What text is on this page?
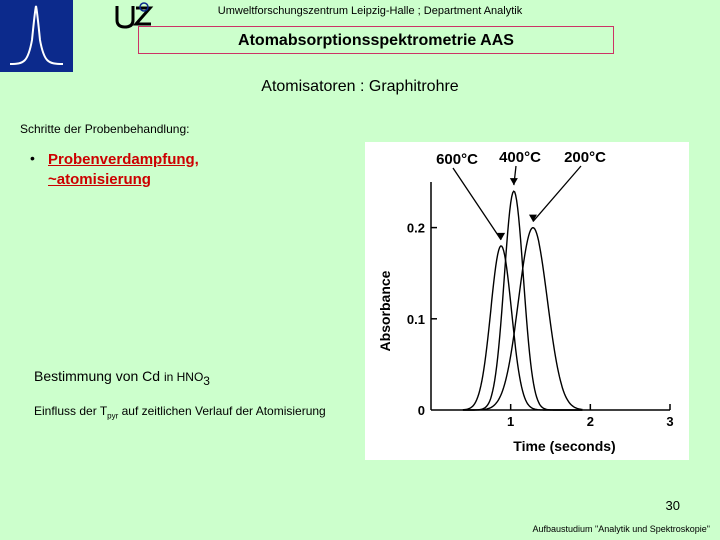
Umweltforschungszentrum Leipzig-Halle ; Department Analytik
Atomabsorptionsspektrometrie AAS
Atomisatoren : Graphitrohre
Schritte der Probenbehandlung:
• Probenverdampfung,
~atomisierung
Bestimmung von Cd in $HNO_3$
Einfluss der $T_{pyr}$ auf zeitlichen Verlauf der Atomisierung	0
0.1
0.2
1	2	3
Time (seconds)
Absorbance
600°C 400°C 200°C
30
Aufbaustudium "Analytik und Spektroskopie"
